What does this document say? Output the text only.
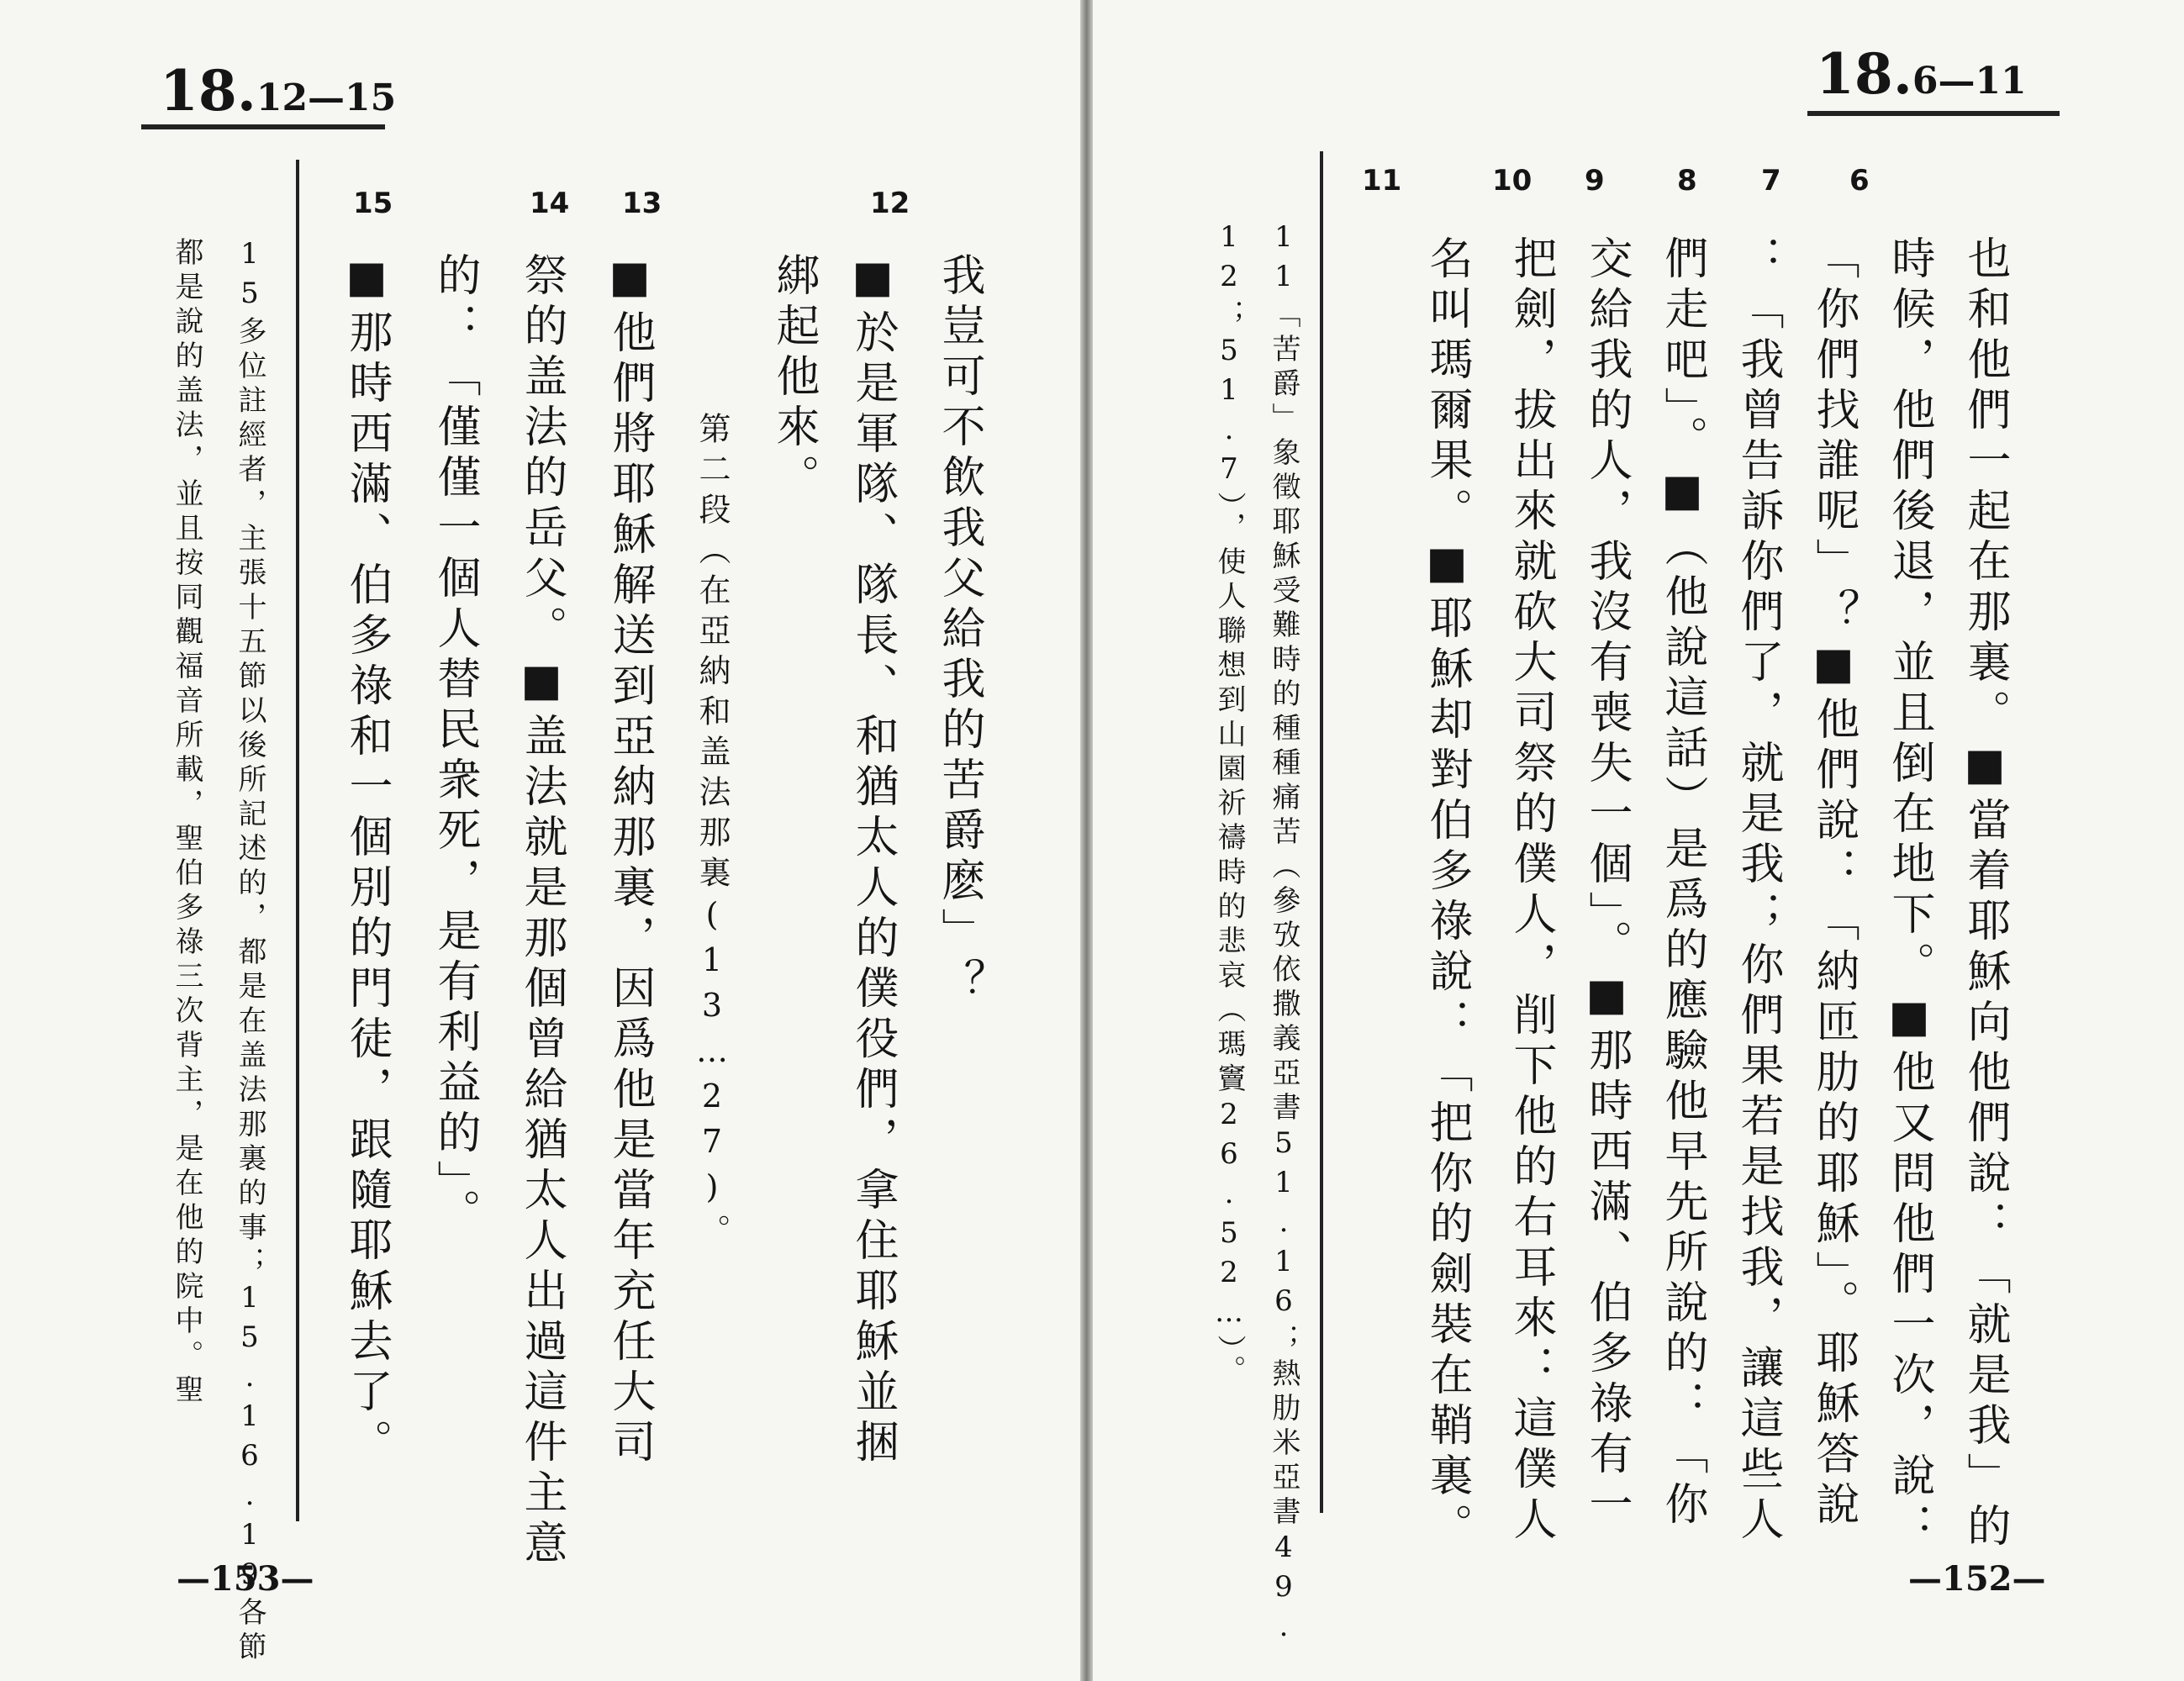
18.12—15
12
13
14
15
我豈可不飲我父給我的苦爵麽」？
■於是軍隊、隊長、和猶太人的僕役們，拿住耶穌並捆
綁起他來。
第二段（在亞納和盖法那裏(13…27)。
■他們將耶穌解送到亞納那裏，因爲他是當年充任大司
祭的盖法的岳父。■盖法就是那個曾給猶太人出過這件主意
的：「僅僅一個人替民衆死，是有利益的」。
■那時西滿、伯多祿和一個別的門徒，跟隨耶穌去了。
15多位註經者，主張十五節以後所記述的，都是在盖法那裏的事；15.16.19各節
都是說的盖法，並且按同觀福音所載，聖伯多祿三次背主，是在他的院中。聖
—153—
18.6—11
6
7
8
9
10
11
也和他們一起在那裏。■當着耶穌向他們說：「就是我」的
時候，他們後退，並且倒在地下。■他又問他們一次，說：
「你們找誰呢」？■他們說：「納匝肋的耶穌」。耶穌答說
：「我曾告訴你們了，就是我；你們果若是找我，讓這些人
們走吧」。■（他說這話）是爲的應驗他早先所說的：「你
交給我的人，我沒有喪失一個」。■那時西滿、伯多祿有一
把劍，拔出來就砍大司祭的僕人，削下他的右耳來：這僕人
名叫瑪爾果。■耶穌却對伯多祿說：「把你的劍裝在鞘裏。
11「苦爵」象徵耶穌受難時的種種痛苦（參攷依撒義亞書51.16；熱肋米亞書49.
12；51.7），使人聯想到山園祈禱時的悲哀（瑪竇26.52…）。
—152—
